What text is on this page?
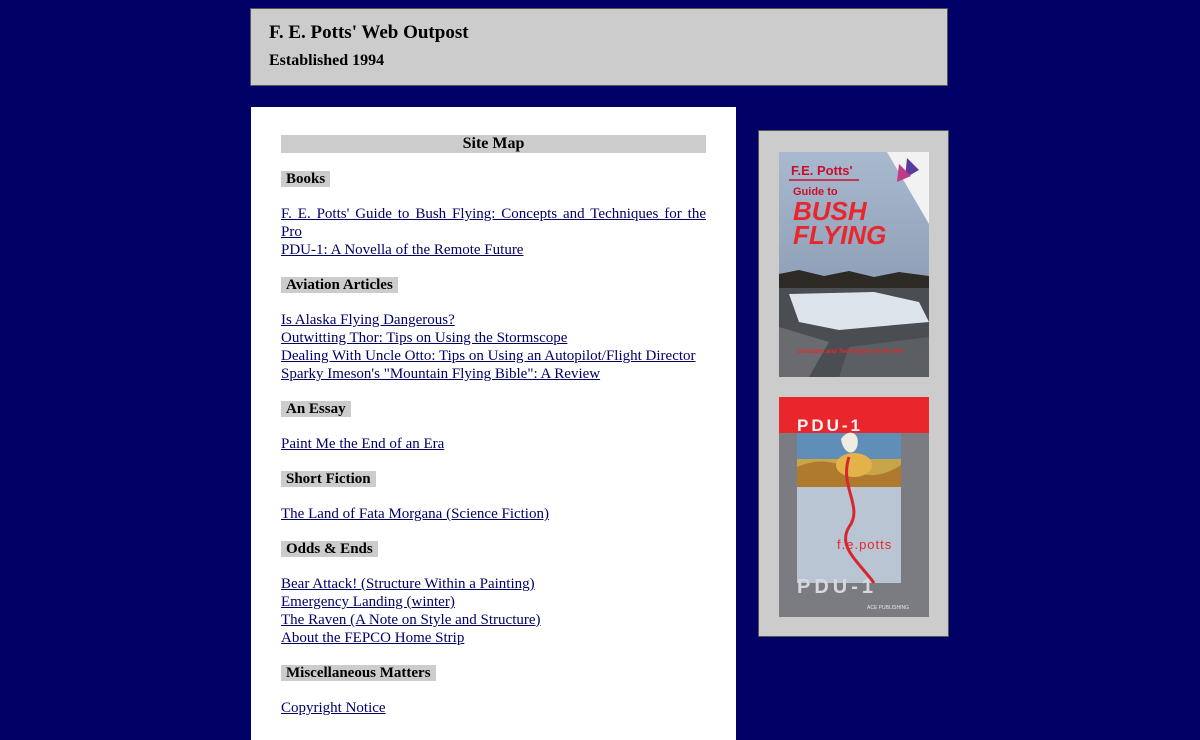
F. E. Potts' Web Outpost
Established 1994
Site Map
Books
F. E. Potts' Guide to Bush Flying: Concepts and Techniques for the Pro
PDU-1: A Novella of the Remote Future
Aviation Articles
Is Alaska Flying Dangerous?
Outwitting Thor: Tips on Using the Stormscope
Dealing With Uncle Otto: Tips on Using an Autopilot/Flight Director
Sparky Imeson's "Mountain Flying Bible": A Review
An Essay
Paint Me the End of an Era
Short Fiction
The Land of Fata Morgana (Science Fiction)
Odds & Ends
Bear Attack! (Structure Within a Painting)
Emergency Landing (winter)
The Raven (A Note on Style and Structure)
About the FEPCO Home Strip
Miscellaneous Matters
Copyright Notice
F.E. Potts'
Guide to
BUSH
FLYING
Concepts and Techniques for the Pro
PDU-1
f.e.potts
PDU-1
ACE PUBLISHING
